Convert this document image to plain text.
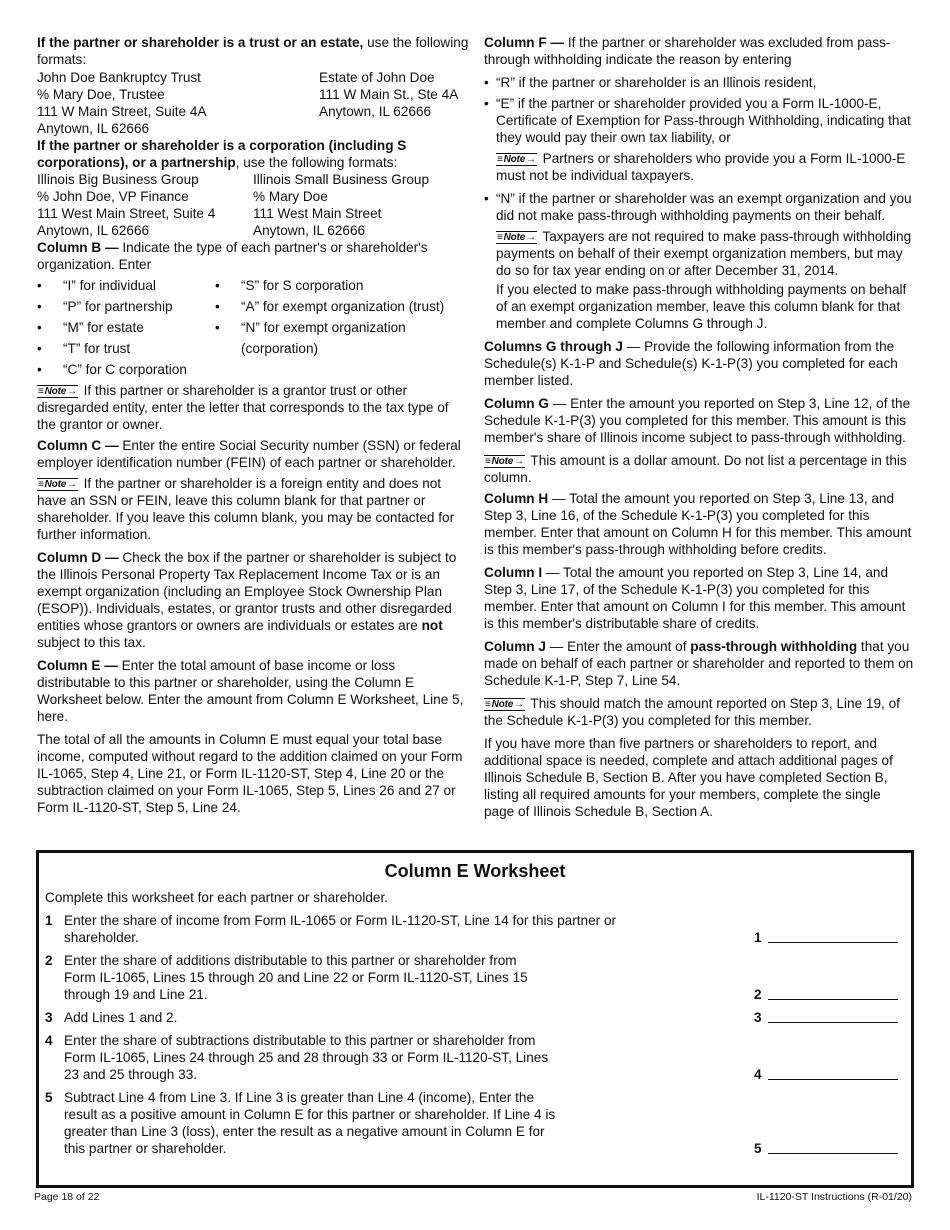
If the partner or shareholder is a trust or an estate, use the following formats:

John Doe Bankruptcy Trust
% Mary Doe, Trustee
111 W Main Street, Suite 4A
Anytown, IL 62666
Estate of John Doe
111 W Main St., Ste 4A
Anytown, IL 62666

If the partner or shareholder is a corporation (including S corporations), or a partnership, use the following formats:

Illinois Big Business Group
% John Doe, VP Finance
111 West Main Street, Suite 4
Anytown, IL 62666
Illinois Small Business Group
% Mary Doe
111 West Main Street
Anytown, IL 62666

Column B — Indicate the type of each partner's or shareholder's organization. Enter

•	“I” for individual	•	“S” for S corporation
•	“P” for partnership	•	“A” for exempt organization (trust)
•	“M” for estate	•	“N” for exempt organization
•	“T” for trust	(corporation)
•	“C” for C corporation

≡ Note → If this partner or shareholder is a grantor trust or other disregarded entity, enter the letter that corresponds to the tax type of the grantor or owner.

Column C — Enter the entire Social Security number (SSN) or federal employer identification number (FEIN) of each partner or shareholder.

≡ Note → If the partner or shareholder is a foreign entity and does not have an SSN or FEIN, leave this column blank for that partner or shareholder. If you leave this column blank, you may be contacted for further information.

Column D — Check the box if the partner or shareholder is subject to the Illinois Personal Property Tax Replacement Income Tax or is an exempt organization (including an Employee Stock Ownership Plan (ESOP)). Individuals, estates, or grantor trusts and other disregarded entities whose grantors or owners are individuals or estates are not subject to this tax.

Column E — Enter the total amount of base income or loss distributable to this partner or shareholder, using the Column E Worksheet below. Enter the amount from Column E Worksheet, Line 5, here.

The total of all the amounts in Column E must equal your total base income, computed without regard to the addition claimed on your Form IL-1065, Step 4, Line 21, or Form IL-1120-ST, Step 4, Line 20 or the subtraction claimed on your Form IL-1065, Step 5, Lines 26 and 27 or Form IL-1120-ST, Step 5, Line 24.

Column F — If the partner or shareholder was excluded from pass-through withholding indicate the reason by entering

• “R” if the partner or shareholder is an Illinois resident,
• “E” if the partner or shareholder provided you a Form IL-1000-E, Certificate of Exemption for Pass-through Withholding, indicating that they would pay their own tax liability, or

≡ Note → Partners or shareholders who provide you a Form IL-1000-E must not be individual taxpayers.

• “N” if the partner or shareholder was an exempt organization and you did not make pass-through withholding payments on their behalf.

≡ Note → Taxpayers are not required to make pass-through withholding payments on behalf of their exempt organization members, but may do so for tax year ending on or after December 31, 2014.

If you elected to make pass-through withholding payments on behalf of an exempt organization member, leave this column blank for that member and complete Columns G through J.

Columns G through J — Provide the following information from the Schedule(s) K-1-P and Schedule(s) K-1-P(3) you completed for each member listed.

Column G — Enter the amount you reported on Step 3, Line 12, of the Schedule K-1-P(3) you completed for this member. This amount is this member's share of Illinois income subject to pass-through withholding.

≡ Note → This amount is a dollar amount. Do not list a percentage in this column.

Column H — Total the amount you reported on Step 3, Line 13, and Step 3, Line 16, of the Schedule K-1-P(3) you completed for this member. Enter that amount on Column H for this member. This amount is this member's pass-through withholding before credits.

Column I — Total the amount you reported on Step 3, Line 14, and Step 3, Line 17, of the Schedule K-1-P(3) you completed for this member. Enter that amount on Column I for this member. This amount is this member's distributable share of credits.

Column J — Enter the amount of pass-through withholding that you made on behalf of each partner or shareholder and reported to them on Schedule K-1-P, Step 7, Line 54.

≡ Note → This should match the amount reported on Step 3, Line 19, of the Schedule K-1-P(3) you completed for this member.

If you have more than five partners or shareholders to report, and additional space is needed, complete and attach additional pages of Illinois Schedule B, Section B. After you have completed Section B, listing all required amounts for your members, complete the single page of Illinois Schedule B, Section A.

Column E Worksheet
Complete this worksheet for each partner or shareholder.
1 Enter the share of income from Form IL-1065 or Form IL-1120-ST, Line 14 for this partner or shareholder.	1
2 Enter the share of additions distributable to this partner or shareholder from Form IL-1065, Lines 15 through 20 and Line 22 or Form IL-1120-ST, Lines 15 through 19 and Line 21.	2
3 Add Lines 1 and 2.	3
4 Enter the share of subtractions distributable to this partner or shareholder from Form IL-1065, Lines 24 through 25 and 28 through 33 or Form IL-1120-ST, Lines 23 and 25 through 33.	4
5 Subtract Line 4 from Line 3. If Line 3 is greater than Line 4 (income), Enter the result as a positive amount in Column E for this partner or shareholder. If Line 4 is greater than Line 3 (loss), enter the result as a negative amount in Column E for this partner or shareholder.	5
Page 18 of 22	IL-1120-ST Instructions (R-01/20)
